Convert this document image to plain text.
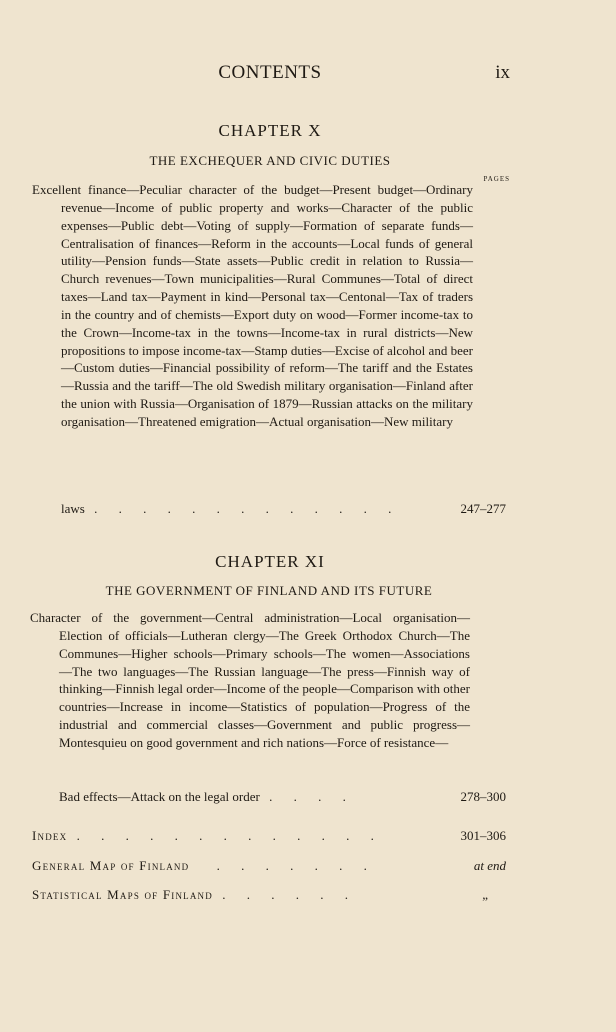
CONTENTS	ix
CHAPTER X
THE EXCHEQUER AND CIVIC DUTIES
PAGES
Excellent finance—Peculiar character of the budget—Present budget—Ordinary revenue—Income of public property and works—Character of the public expenses—Public debt—Voting of supply—Formation of separate funds—Centralisation of finances—Reform in the accounts—Local funds of general utility—Pension funds—State assets—Public credit in relation to Russia—Church revenues—Town municipalities—Rural Communes—Total of direct taxes—Land tax—Payment in kind—Personal tax—Centonal—Tax of traders in the country and of chemists—Export duty on wood—Former income-tax to the Crown—Income-tax in the towns—Income-tax in rural districts—New propositions to impose income-tax—Stamp duties—Excise of alcohol and beer—Custom duties—Financial possibility of reform—The tariff and the Estates—Russia and the tariff—The old Swedish military organisation—Finland after the union with Russia—Organisation of 1879—Russian attacks on the military organisation—Threatened emigration—Actual organisation—New military
laws . . . . . . . . . . . . .	247–277
CHAPTER XI
THE GOVERNMENT OF FINLAND AND ITS FUTURE
Character of the government—Central administration—Local organisation—Election of officials—Lutheran clergy—The Greek Orthodox Church—The Communes—Higher schools—Primary schools—The women—Associations—The two languages—The Russian language—The press—Finnish way of thinking—Finnish legal order—Income of the people—Comparison with other countries—Increase in income—Statistics of population—Progress of the industrial and commercial classes—Government and public progress—Montesquieu on good government and rich nations—Force of resistance—
Bad effects—Attack on the legal order . . . .	278–300
Index . . . . . . . . . . . . .	301–306
General Map of Finland . . . . . . .	at end
Statistical Maps of Finland . . . . . .	„
